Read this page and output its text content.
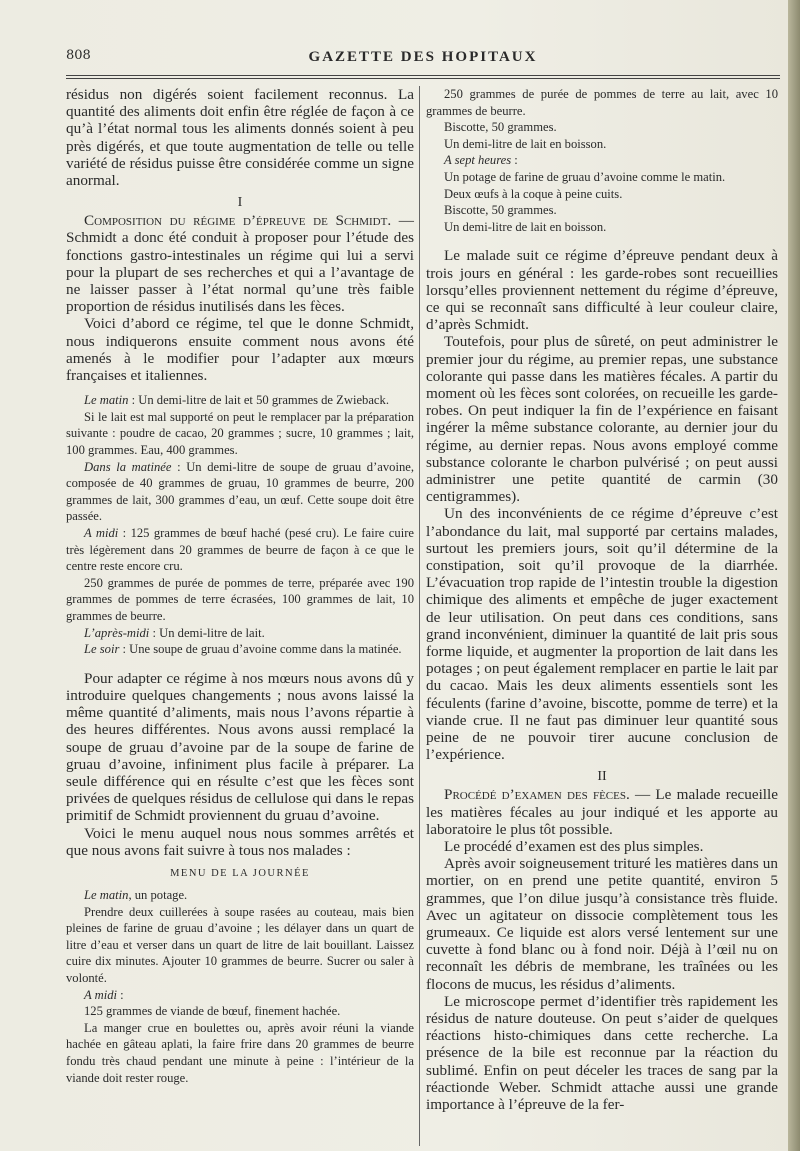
808	GAZETTE DES HOPITAUX

résidus non digérés soient facilement reconnus. La quantité des aliments doit enfin être réglée de façon à ce qu’à l’état normal tous les aliments donnés soient à peu près digérés, et que toute augmentation de telle ou telle variété de résidus puisse être considérée comme un signe anormal.

I

Composition du régime d’épreuve de Schmidt. — Schmidt a donc été conduit à proposer pour l’étude des fonctions gastro-intestinales un régime qui lui a servi pour la plupart de ses recherches et qui a l’avantage de ne laisser passer à l’état normal qu’une très faible proportion de résidus inutilisés dans les fèces.

Voici d’abord ce régime, tel que le donne Schmidt, nous indiquerons ensuite comment nous avons été amenés à le modifier pour l’adapter aux mœurs françaises et italiennes.

Le matin : Un demi-litre de lait et 50 grammes de Zwieback.

Si le lait est mal supporté on peut le remplacer par la préparation suivante : poudre de cacao, 20 grammes ; sucre, 10 grammes ; lait, 100 grammes. Eau, 400 grammes.

Dans la matinée : Un demi-litre de soupe de gruau d’avoine, composée de 40 grammes de gruau, 10 grammes de beurre, 200 grammes de lait, 300 grammes d’eau, un œuf. Cette soupe doit être passée.

A midi : 125 grammes de bœuf haché (pesé cru). Le faire cuire très légèrement dans 20 grammes de beurre de façon à ce que le centre reste encore cru.

250 grammes de purée de pommes de terre, préparée avec 190 grammes de pommes de terre écrasées, 100 grammes de lait, 10 grammes de beurre.

L’après-midi : Un demi-litre de lait.

Le soir : Une soupe de gruau d’avoine comme dans la matinée.

Pour adapter ce régime à nos mœurs nous avons dû y introduire quelques changements ; nous avons laissé la même quantité d’aliments, mais nous l’avons répartie à des heures différentes. Nous avons aussi remplacé la soupe de gruau d’avoine par de la soupe de farine de gruau d’avoine, infiniment plus facile à préparer. La seule différence qui en résulte c’est que les fèces sont privées de quelques résidus de cellulose qui dans le repas primitif de Schmidt proviennent du gruau d’avoine.

Voici le menu auquel nous nous sommes arrêtés et que nous avons fait suivre à tous nos malades :

MENU DE LA JOURNÉE

Le matin, un potage.

Prendre deux cuillerées à soupe rasées au couteau, mais bien pleines de farine de gruau d’avoine ; les délayer dans un quart de litre d’eau et verser dans un quart de litre de lait bouillant. Laissez cuire dix minutes. Ajouter 10 grammes de beurre. Sucrer ou saler à volonté.

A midi :

125 grammes de viande de bœuf, finement hachée.

La manger crue en boulettes ou, après avoir réuni la viande hachée en gâteau aplati, la faire frire dans 20 grammes de beurre fondu très chaud pendant une minute à peine : l’intérieur de la viande doit rester rouge.

250 grammes de purée de pommes de terre au lait, avec 10 grammes de beurre.

Biscotte, 50 grammes.

Un demi-litre de lait en boisson.

A sept heures :

Un potage de farine de gruau d’avoine comme le matin.

Deux œufs à la coque à peine cuits.

Biscotte, 50 grammes.

Un demi-litre de lait en boisson.

Le malade suit ce régime d’épreuve pendant deux à trois jours en général : les garde-robes sont recueillies lorsqu’elles proviennent nettement du régime d’épreuve, ce qui se reconnaît sans difficulté à leur couleur claire, d’après Schmidt.

Toutefois, pour plus de sûreté, on peut administrer le premier jour du régime, au premier repas, une substance colorante qui passe dans les matières fécales. A partir du moment où les fèces sont colorées, on recueille les garde-robes. On peut indiquer la fin de l’expérience en faisant ingérer la même substance colorante, au dernier jour du régime, au dernier repas. Nous avons employé comme substance colorante le charbon pulvérisé ; on peut aussi administrer une petite quantité de carmin (30 centigrammes).

Un des inconvénients de ce régime d’épreuve c’est l’abondance du lait, mal supporté par certains malades, surtout les premiers jours, soit qu’il détermine de la constipation, soit qu’il provoque de la diarrhée. L’évacuation trop rapide de l’intestin trouble la digestion chimique des aliments et empêche de juger exactement de leur utilisation. On peut dans ces conditions, sans grand inconvénient, diminuer la quantité de lait pris sous forme liquide, et augmenter la proportion de lait dans les potages ; on peut également remplacer en partie le lait par du cacao. Mais les deux aliments essentiels sont les féculents (farine d’avoine, biscotte, pomme de terre) et la viande crue. Il ne faut pas diminuer leur quantité sous peine de ne pouvoir tirer aucune conclusion de l’expérience.

II

Procédé d’examen des fèces. — Le malade recueille les matières fécales au jour indiqué et les apporte au laboratoire le plus tôt possible.

Le procédé d’examen est des plus simples.

Après avoir soigneusement trituré les matières dans un mortier, on en prend une petite quantité, environ 5 grammes, que l’on dilue jusqu’à consistance très fluide. Avec un agitateur on dissocie complètement tous les grumeaux. Ce liquide est alors versé lentement sur une cuvette à fond blanc ou à fond noir. Déjà à l’œil nu on reconnaît les débris de membrane, les traînées ou les flocons de mucus, les résidus d’aliments.

Le microscope permet d’identifier très rapidement les résidus de nature douteuse. On peut s’aider de quelques réactions histo-chimiques dans cette recherche. La présence de la bile est reconnue par la réaction du sublimé. Enfin on peut déceler les traces de sang par la réactionde Weber. Schmidt attache aussi une grande importance à l’épreuve de la fer-
